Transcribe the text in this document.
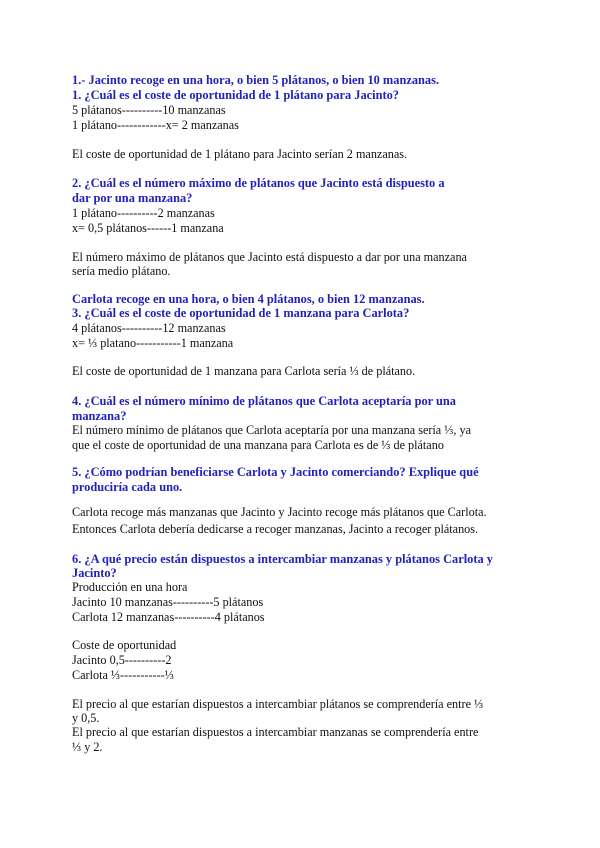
1.- Jacinto recoge en una hora, o bien 5 plátanos, o bien 10 manzanas.
1. ¿Cuál es el coste de oportunidad de 1 plátano para Jacinto?
5 plátanos----------10 manzanas
1 plátano------------x= 2 manzanas
El coste de oportunidad de 1 plátano para Jacinto serían 2 manzanas.
2. ¿Cuál es el número máximo de plátanos que Jacinto está dispuesto a
dar por una manzana?
1 plátano----------2 manzanas
x= 0,5 plátanos------1 manzana
El número máximo de plátanos que Jacinto está dispuesto a dar por una manzana
sería medio plátano.
Carlota recoge en una hora, o bien 4 plátanos, o bien 12 manzanas.
3. ¿Cuál es el coste de oportunidad de 1 manzana para Carlota?
4 plátanos----------12 manzanas
x= ⅓ platano-----------1 manzana
El coste de oportunidad de 1 manzana para Carlota sería ⅓ de plátano.
4. ¿Cuál es el número mínimo de plátanos que Carlota aceptaría por una
manzana?
El número mínimo de plátanos que Carlota aceptaría por una manzana sería ⅓, ya
que el coste de oportunidad de una manzana para Carlota es de ⅓ de plátano
5. ¿Cómo podrían beneficiarse Carlota y Jacinto comerciando? Explique qué
produciría cada uno.
Carlota recoge más manzanas que Jacinto y Jacinto recoge más plátanos que Carlota.
Entonces Carlota debería dedicarse a recoger manzanas, Jacinto a recoger plátanos.
6. ¿A qué precio están dispuestos a intercambiar manzanas y plátanos Carlota y
Jacinto?
Producción en una hora
Jacinto 10 manzanas----------5 plátanos
Carlota 12 manzanas----------4 plátanos
Coste de oportunidad
Jacinto 0,5----------2
Carlota ⅓-----------⅓
El precio al que estarían dispuestos a intercambiar plátanos se comprendería entre ⅓
y 0,5.
El precio al que estarían dispuestos a intercambiar manzanas se comprendería entre
⅓ y 2.
